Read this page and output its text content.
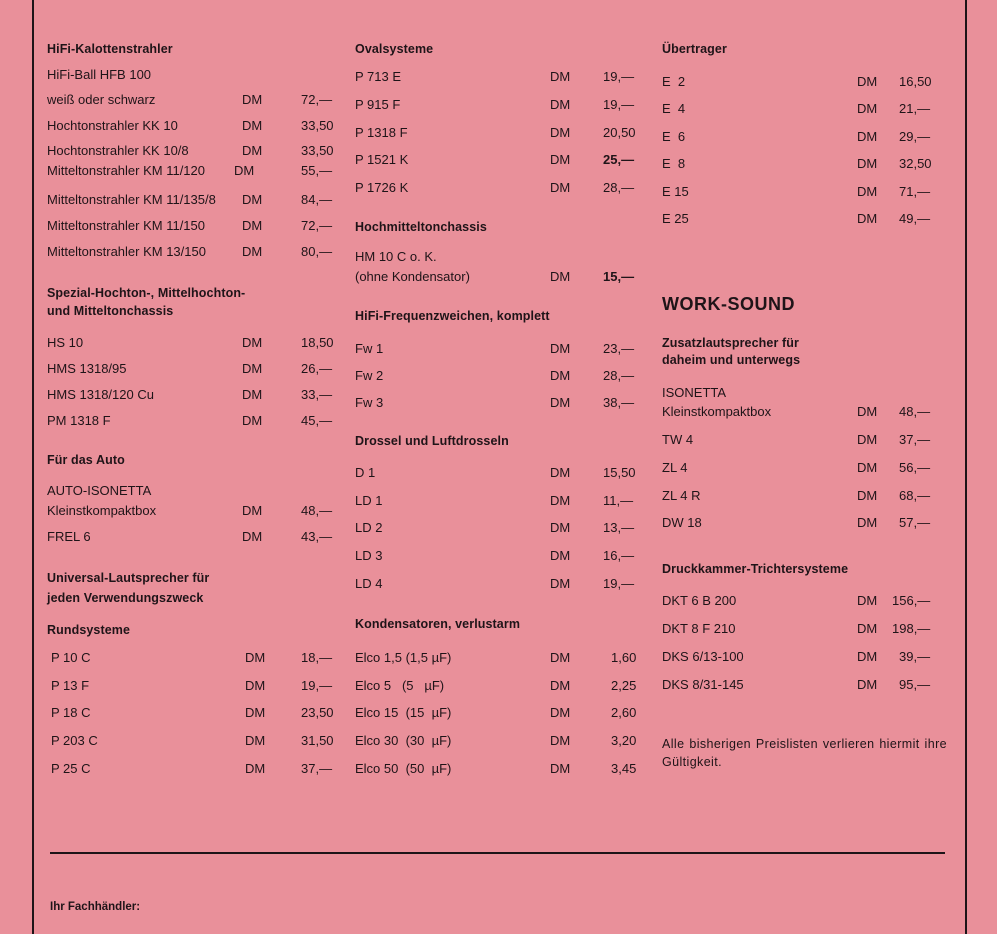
HiFi-Kalottenstrahler
HiFi-Ball HFB 100
weiß oder schwarz	DM	72,—
Hochtonstrahler KK 10	DM	33,50
Hochtonstrahler KK 10/8	DM	33,50
Mitteltonstrahler KM 11/120 DM	55,—
Mitteltonstrahler KM 11/135/8 DM	84,—
Mitteltonstrahler KM 11/150	DM	72,—
Mitteltonstrahler KM 13/150	DM	80,—
Spezial-Hochton-, Mittelhochton-
und Mitteltonchassis
HS 10	DM	18,50
HMS 1318/95	DM	26,—
HMS 1318/120 Cu	DM	33,—
PM 1318 F	DM	45,—
Für das Auto
AUTO-ISONETTA
Kleinstkompaktbox	DM	48,—
FREL 6	DM	43,—
Universal-Lautsprecher für
jeden Verwendungszweck
Rundsysteme
P 10 C	DM	18,—
P 13 F	DM	19,—
P 18 C	DM	23,50
P 203 C	DM	31,50
P 25 C	DM	37,—
Ovalsysteme
P 713 E	DM	19,—
P 915 F	DM	19,—
P 1318 F	DM	20,50
P 1521 K	DM	25,—
P 1726 K	DM	28,—
Hochmitteltonchassis
HM 10 C o. K.
(ohne Kondensator)	DM	15,—
HiFi-Frequenzweichen, komplett
Fw 1	DM	23,—
Fw 2	DM	28,—
Fw 3	DM	38,—
Drossel und Luftdrosseln
D 1	DM	15,50
LD 1	DM	11,—
LD 2	DM	13,—
LD 3	DM	16,—
LD 4	DM	19,—
Kondensatoren, verlustarm
Elco 1,5 (1,5 µF)	DM	1,60
Elco 5   (5   µF)	DM	2,25
Elco 15  (15  µF)	DM	2,60
Elco 30  (30  µF)	DM	3,20
Elco 50  (50  µF)	DM	3,45
Übertrager
E  2	DM 16,50
E  4	DM 21,—
E  6	DM 29,—
E  8	DM 32,50
E 15	DM 71,—
E 25	DM 49,—
WORK-SOUND
Zusatzlautsprecher für
daheim und unterwegs
ISONETTA
Kleinstkompaktbox	DM 48,—
TW 4	DM 37,—
ZL 4	DM 56,—
ZL 4 R	DM 68,—
DW 18	DM 57,—
Druckkammer-Trichtersysteme
DKT 6 B 200	DM 156,—
DKT 8 F 210	DM 198,—
DKS 6/13-100	DM 39,—
DKS 8/31-145	DM 95,—
Alle bisherigen Preislisten verlieren hiermit ihre Gültigkeit.
Ihr Fachhändler:
